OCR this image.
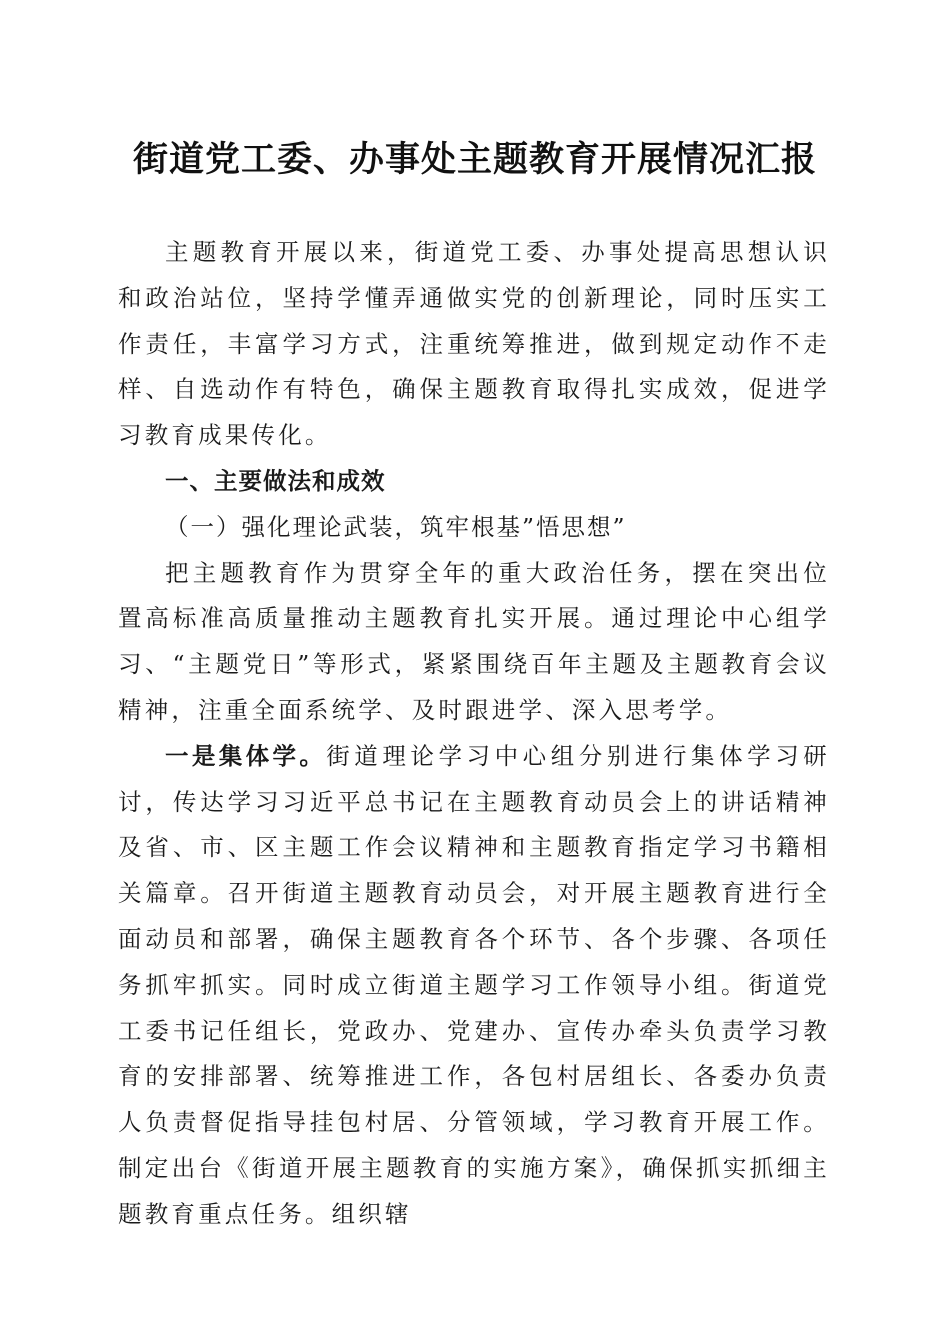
街道党工委、办事处主题教育开展情况汇报

主题教育开展以来，街道党工委、办事处提高思想认识和政治站位，坚持学懂弄通做实党的创新理论，同时压实工作责任，丰富学习方式，注重统筹推进，做到规定动作不走样、自选动作有特色，确保主题教育取得扎实成效，促进学习教育成果传化。

一、主要做法和成效

（一）强化理论武装，筑牢根基”悟思想”

把主题教育作为贯穿全年的重大政治任务，摆在突出位置高标准高质量推动主题教育扎实开展。通过理论中心组学习、“主题党日”等形式，紧紧围绕百年主题及主题教育会议精神，注重全面系统学、及时跟进学、深入思考学。

一是集体学。街道理论学习中心组分别进行集体学习研讨，传达学习习近平总书记在主题教育动员会上的讲话精神及省、市、区主题工作会议精神和主题教育指定学习书籍相关篇章。召开街道主题教育动员会，对开展主题教育进行全面动员和部署，确保主题教育各个环节、各个步骤、各项任务抓牢抓实。同时成立街道主题学习工作领导小组。街道党工委书记任组长，党政办、党建办、宣传办牵头负责学习教育的安排部署、统筹推进工作，各包村居组长、各委办负责人负责督促指导挂包村居、分管领域，学习教育开展工作。制定出台《街道开展主题教育的实施方案》，确保抓实抓细主题教育重点任务。组织辖
